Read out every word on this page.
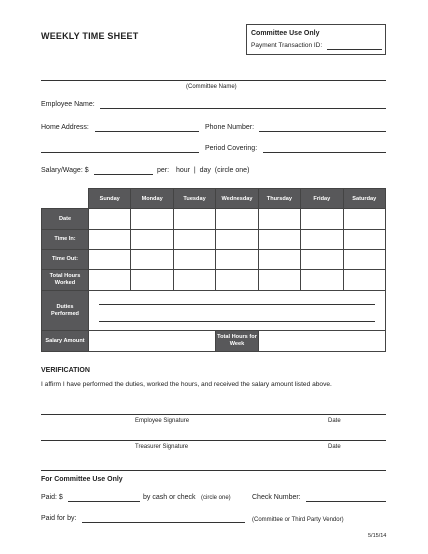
WEEKLY TIME SHEET	Committee Use Only
Payment Transaction ID:
(Committee Name)
Employee Name:
Home Address:	Phone Number:
Period Covering:
Salary/Wage: $	per: hour  |  day  (circle one)
	Sunday	Monday	Tuesday	Wednesday	Thursday	Friday	Saturday
Date							
Time In:							
Time Out:							
Total Hours Worked							
Duties Performed							

Salary Amount				Total Hours for Week			
VERIFICATION
I affirm I have performed the duties, worked the hours, and received the salary amount listed above.
Employee Signature	Date
Treasurer Signature	Date
For Committee Use Only
Paid: $	by cash or check (circle one)	Check Number:
Paid for by:	(Committee or Third Party Vendor)
5/15/14
